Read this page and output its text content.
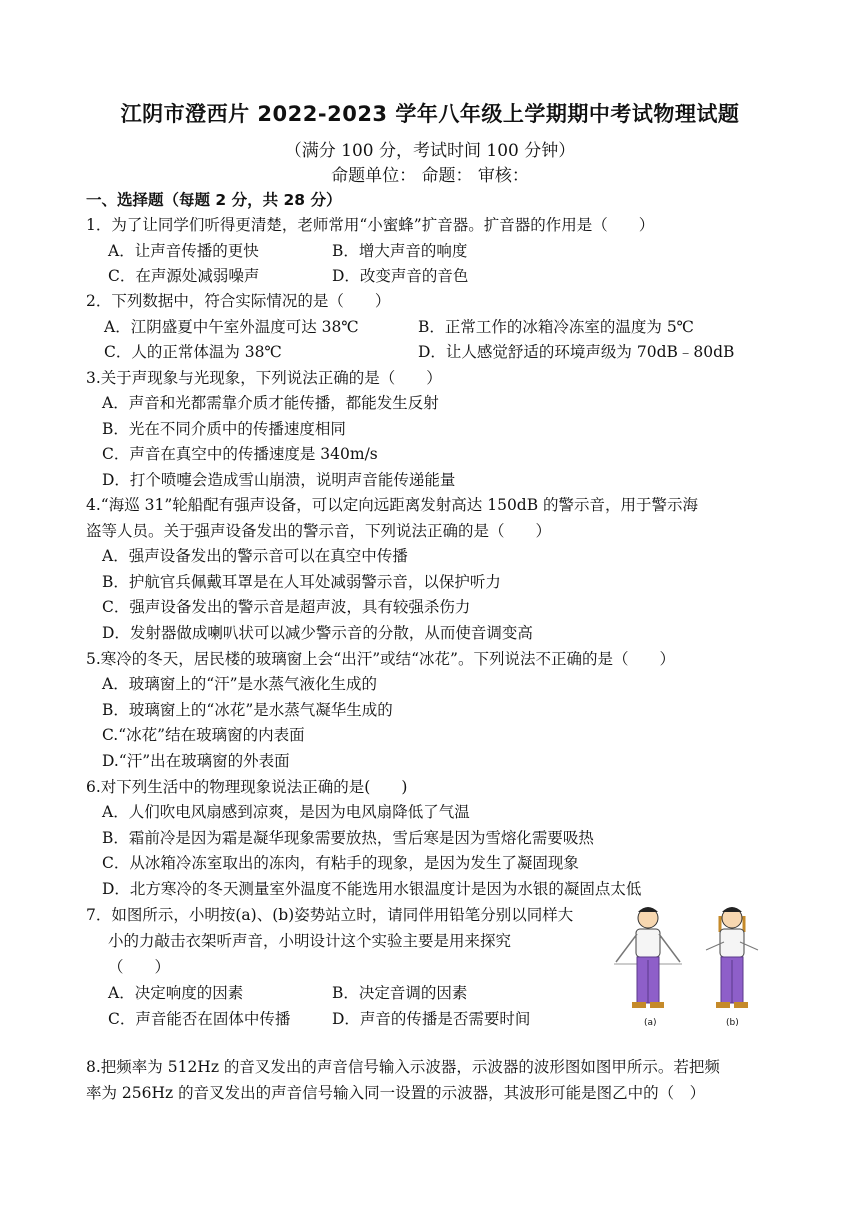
江阴市澄西片 2022-2023 学年八年级上学期期中考试物理试题
（满分 100 分，考试时间 100 分钟）
命题单位： 命题： 审核：
一、选择题（每题 2 分，共 28 分）
1．为了让同学们听得更清楚，老师常用“小蜜蜂”扩音器。扩音器的作用是（　　）
A．让声音传播的更快	B．增大声音的响度
C．在声源处减弱噪声	D．改变声音的音色
2．下列数据中，符合实际情况的是（　　）
A．江阴盛夏中午室外温度可达 38℃	B．正常工作的冰箱冷冻室的温度为 5℃
C．人的正常体温为 38℃	D．让人感觉舒适的环境声级为 70dB﹣80dB
3.关于声现象与光现象，下列说法正确的是（　　）
A．声音和光都需靠介质才能传播，都能发生反射
B．光在不同介质中的传播速度相同
C．声音在真空中的传播速度是 340m/s
D．打个喷嚏会造成雪山崩溃，说明声音能传递能量
4.“海巡 31”轮船配有强声设备，可以定向远距离发射高达 150dB 的警示音，用于警示海
盗等人员。关于强声设备发出的警示音，下列说法正确的是（　　）
A．强声设备发出的警示音可以在真空中传播
B．护航官兵佩戴耳罩是在人耳处减弱警示音，以保护听力
C．强声设备发出的警示音是超声波，具有较强杀伤力
D．发射器做成喇叭状可以减少警示音的分散，从而使音调变高
5.寒冷的冬天，居民楼的玻璃窗上会“出汗”或结“冰花”。下列说法不正确的是（　　）
A．玻璃窗上的“汗”是水蒸气液化生成的
B．玻璃窗上的“冰花”是水蒸气凝华生成的
C.“冰花”结在玻璃窗的内表面
D.“汗”出在玻璃窗的外表面
6.对下列生活中的物理现象说法正确的是(　　)
A．人们吹电风扇感到凉爽，是因为电风扇降低了气温
B．霜前冷是因为霜是凝华现象需要放热，雪后寒是因为雪熔化需要吸热
C．从冰箱冷冻室取出的冻肉，有粘手的现象，是因为发生了凝固现象
D．北方寒冷的冬天测量室外温度不能选用水银温度计是因为水银的凝固点太低
7．如图所示，小明按(a)、(b)姿势站立时，请同伴用铅笔分别以同样大
小的力敲击衣架听声音，小明设计这个实验主要是用来探究
（　　）
A．决定响度的因素	B．决定音调的因素
C．声音能否在固体中传播	D．声音的传播是否需要时间	(a)	(b)
8.把频率为 512Hz 的音叉发出的声音信号输入示波器，示波器的波形图如图甲所示。若把频
率为 256Hz 的音叉发出的声音信号输入同一设置的示波器，其波形可能是图乙中的（　）
